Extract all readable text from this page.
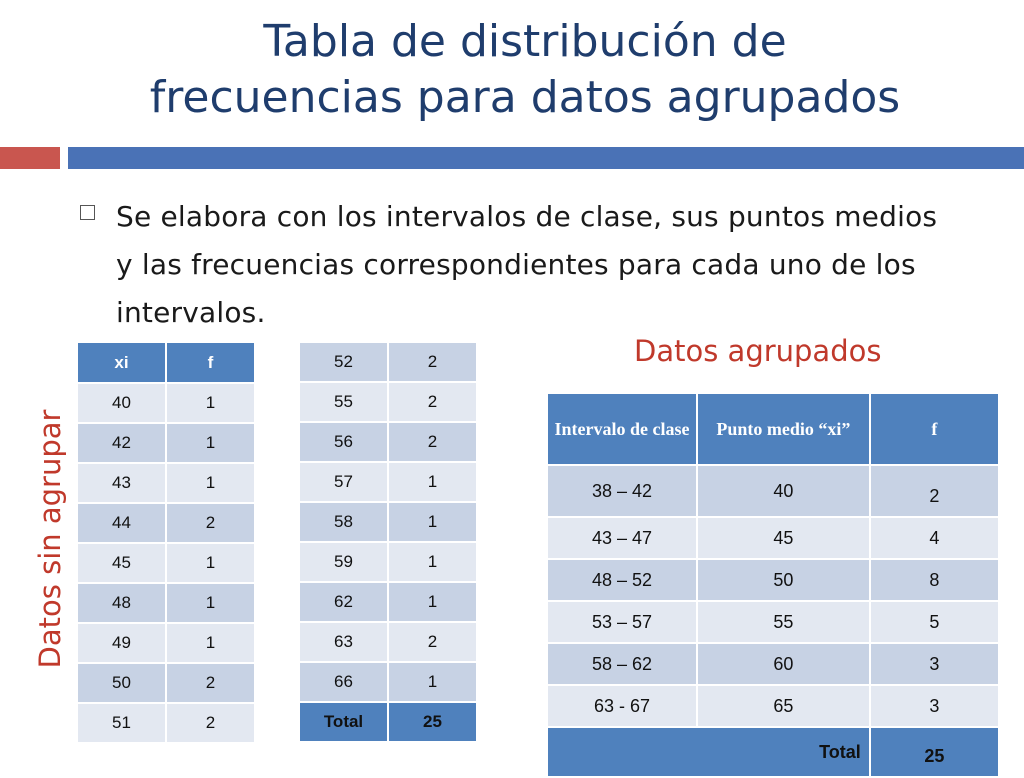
Tabla de distribución de
frecuencias para datos agrupados
Se elabora con los intervalos de clase, sus puntos medios y las frecuencias correspondientes para cada uno de los intervalos.
Datos agrupados
Datos sin agrupar
xi	f
40	1
42	1
43	1
44	2
45	1
48	1
49	1
50	2
51	2
52	2
55	2
56	2
57	1
58	1
59	1
62	1
63	2
66	1
Total	25
Intervalo de clase	Punto medio “xi”	f
38 – 42	40	2
43 – 47	45	4
48 – 52	50	8
53 – 57	55	5
58 – 62	60	3
63 - 67	65	3
Total		25
